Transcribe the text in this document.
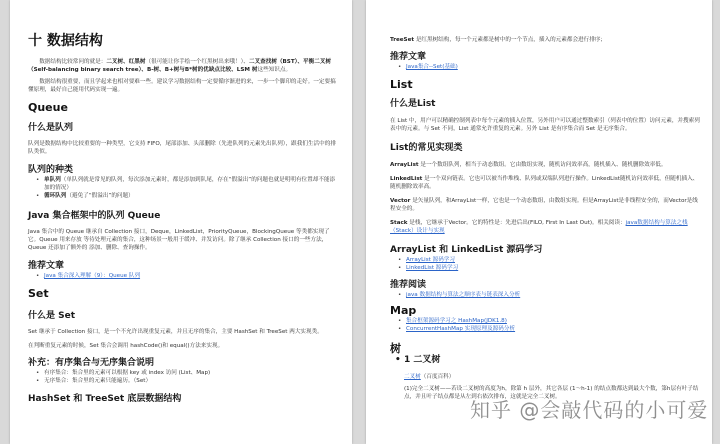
十 数据结构

数据结构比较常问的就是：二叉树、红黑树（很可能让你手绘一个红黑树出来哦！）、二叉查找树（BST）、平衡二叉树（Self-balancing binary search tree）、B-树、B+树与B*树的优缺点比较、LSM 树这些知识点。

数据结构很重要，而且学起来也相对要难一些。建议学习数据结构一定要循序渐进的来，一步一个脚印的走好。一定要搞懂原理，最好自己能用代码实现一遍。

Queue
什么是队列

队列是数据结构中比较重要的一种类型，它支持 FIFO，尾部添加、头部删除（先进队列的元素先出队列），跟我们生活中的排队类似。

队列的种类
• 单队列（单队列就是常见的队列，每次添加元素时，都是添加到队尾，存在“假溢出”的问题也就是明明有位置却不能添加的情况）
• 循环队列（避免了“假溢出”的问题）
Java 集合框架中的队列 Queue

Java 集合中的 Queue 继承自 Collection 接口，Deque，LinkedList，PriorityQueue，BlockingQueue 等类都实现了它。Queue 用来存放 等待处理元素的集合，这种场景一般用于缓冲、并发访问。除了继承 Collection 接口的一些方法，Queue 还添加了额外的 添加、删除、查询操作。

推荐文章
• Java 集合深入理解（9）：Queue 队列
Set
什么是 Set

Set 继承于 Collection 接口，是一个不允许出现重复元素，并且无序的集合，主要 HashSet 和 TreeSet 两大实现类。

在判断重复元素的时候，Set 集合会调用 hashCode()和 equal()方法来实现。

补充：有序集合与无序集合说明
• 有序集合：集合里的元素可以根据 key 或 index 访问 (List、Map)
• 无序集合：集合里的元素只能遍历。（Set）
HashSet 和 TreeSet 底层数据结构

TreeSet 是红黑树结构，每一个元素都是树中的一个节点，插入的元素都会进行排序；

推荐文章
• Java集合--Set(基础)
List
什么是List

在 List 中，用户可以精确控制列表中每个元素的插入位置，另外用户可以通过整数索引（列表中的位置）访问元素，并搜索列表中的元素。与 Set 不同，List 通常允许重复的元素。另外 List 是有序集合而 Set 是无序集合。

List的常见实现类

ArrayList 是一个数组队列，相当于动态数组。它由数组实现，随机访问效率高，随机插入、随机删除效率低。

LinkedList 是一个双向链表。它也可以被当作堆栈、队列或双端队列进行操作。LinkedList随机访问效率低，但随机插入、随机删除效率高。

Vector 是矢量队列，和ArrayList一样，它也是一个动态数组，由数组实现。但是ArrayList是非线程安全的，而Vector是线程安全的。

Stack 是栈，它继承于Vector。它的特性是：先进后出(FILO, First In Last Out)。相关阅读：java数据结构与算法之栈（Stack）设计与实现

ArrayList 和 LinkedList 源码学习
• ArrayList 源码学习
• LinkedList 源码学习
推荐阅读
• java 数据结构与算法之顺序表与链表深入分析
Map
• 集合框架源码学习之 HashMap(JDK1.8)
• ConcurrentHashMap 实现原理及源码分析
树
• 1 二叉树

二叉树（百度百科）

(1)完全二叉树——若设二叉树的高度为h，除第 h 层外，其它各层 (1～h-1) 的结点数都达到最大个数，第h层有叶子结点，并且叶子结点都是从左到右依次排布，这就是完全二叉树。

知乎 @会敲代码的小可爱
